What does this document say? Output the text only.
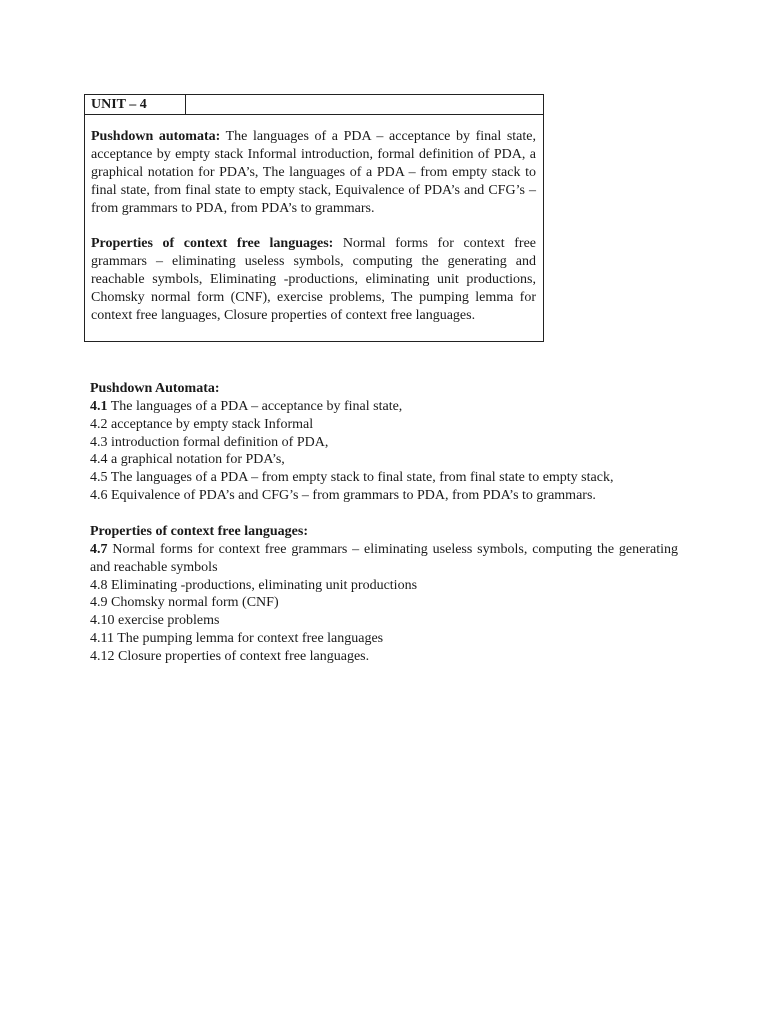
UNIT – 4

Pushdown automata: The languages of a PDA – acceptance by final state, acceptance by empty stack Informal introduction, formal definition of PDA, a graphical notation for PDA’s, The languages of a PDA – from empty stack to final state, from final state to empty stack, Equivalence of PDA’s and CFG’s – from grammars to PDA, from PDA’s to grammars.

Properties of context free languages: Normal forms for context free grammars – eliminating useless symbols, computing the generating and reachable symbols, Eliminating -productions, eliminating unit productions, Chomsky normal form (CNF), exercise problems, The pumping lemma for context free languages, Closure properties of context free languages.

Pushdown Automata:
4.1 The languages of a PDA – acceptance by final state,
4.2 acceptance by empty stack Informal
4.3 introduction formal definition of PDA,
4.4 a graphical notation for PDA’s,
4.5 The languages of a PDA – from empty stack to final state, from final state to empty stack,
4.6 Equivalence of PDA’s and CFG’s – from grammars to PDA, from PDA’s to grammars.
Properties of context free languages:
4.7 Normal forms for context free grammars – eliminating useless symbols, computing the generating and reachable symbols
4.8 Eliminating -productions, eliminating unit productions
4.9 Chomsky normal form (CNF)
4.10 exercise problems
4.11 The pumping lemma for context free languages
4.12 Closure properties of context free languages.
